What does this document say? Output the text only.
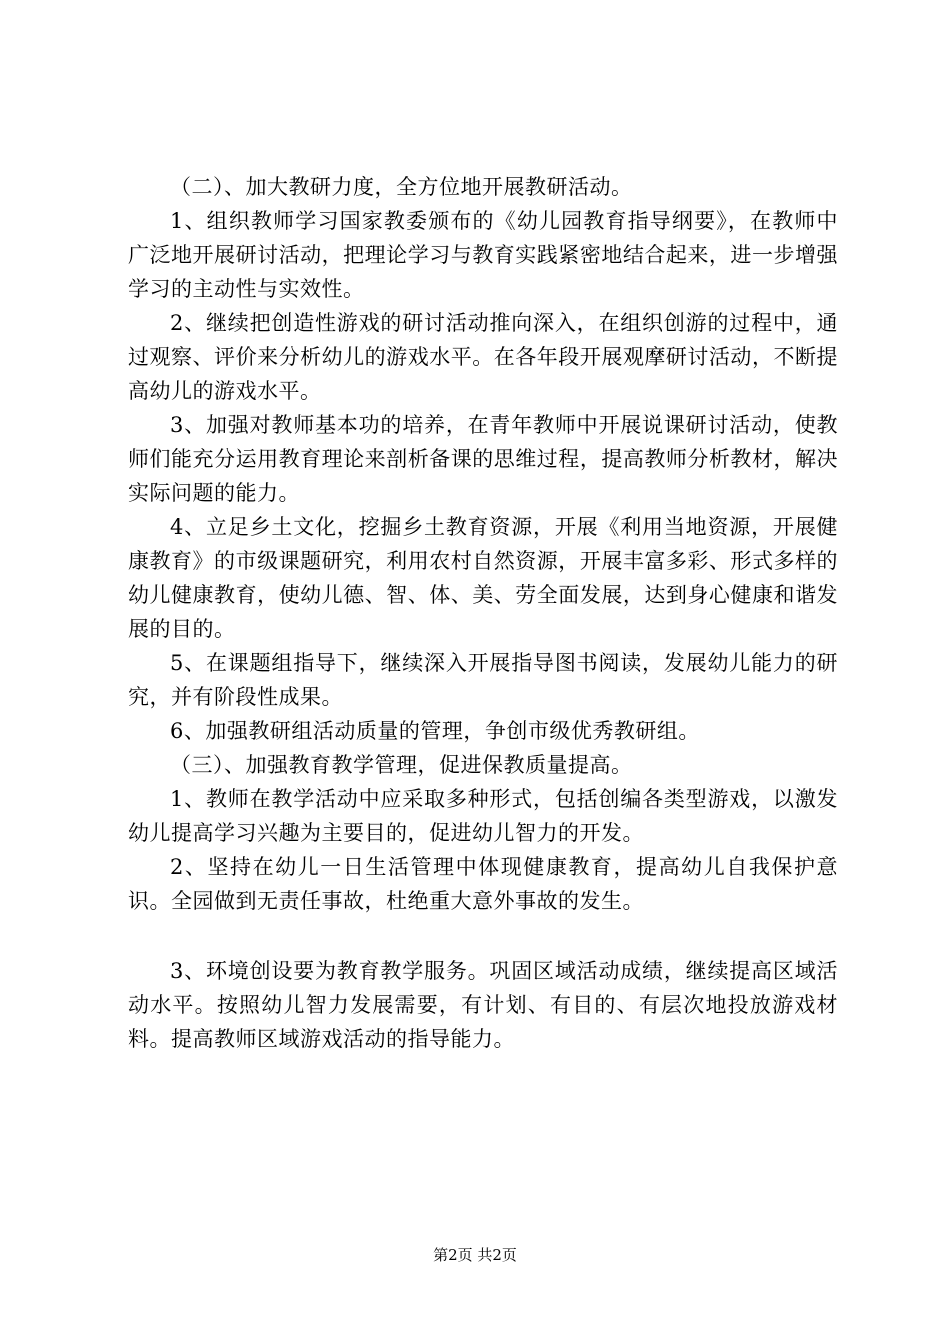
（二）、加大教研力度，全方位地开展教研活动。

1、组织教师学习国家教委颁布的《幼儿园教育指导纲要》，在教师中广泛地开展研讨活动，把理论学习与教育实践紧密地结合起来，进一步增强学习的主动性与实效性。

2、继续把创造性游戏的研讨活动推向深入，在组织创游的过程中，通过观察、评价来分析幼儿的游戏水平。在各年段开展观摩研讨活动，不断提高幼儿的游戏水平。

3、加强对教师基本功的培养，在青年教师中开展说课研讨活动，使教师们能充分运用教育理论来剖析备课的思维过程，提高教师分析教材，解决实际问题的能力。

4、立足乡土文化，挖掘乡土教育资源，开展《利用当地资源，开展健康教育》的市级课题研究，利用农村自然资源，开展丰富多彩、形式多样的幼儿健康教育，使幼儿德、智、体、美、劳全面发展，达到身心健康和谐发展的目的。

5、在课题组指导下，继续深入开展指导图书阅读，发展幼儿能力的研究，并有阶段性成果。

6、加强教研组活动质量的管理，争创市级优秀教研组。

（三）、加强教育教学管理，促进保教质量提高。

1、教师在教学活动中应采取多种形式，包括创编各类型游戏，以激发幼儿提高学习兴趣为主要目的，促进幼儿智力的开发。

2、坚持在幼儿一日生活管理中体现健康教育，提高幼儿自我保护意识。全园做到无责任事故，杜绝重大意外事故的发生。

3、环境创设要为教育教学服务。巩固区域活动成绩，继续提高区域活动水平。按照幼儿智力发展需要，有计划、有目的、有层次地投放游戏材料。提高教师区域游戏活动的指导能力。

第2页 共2页
